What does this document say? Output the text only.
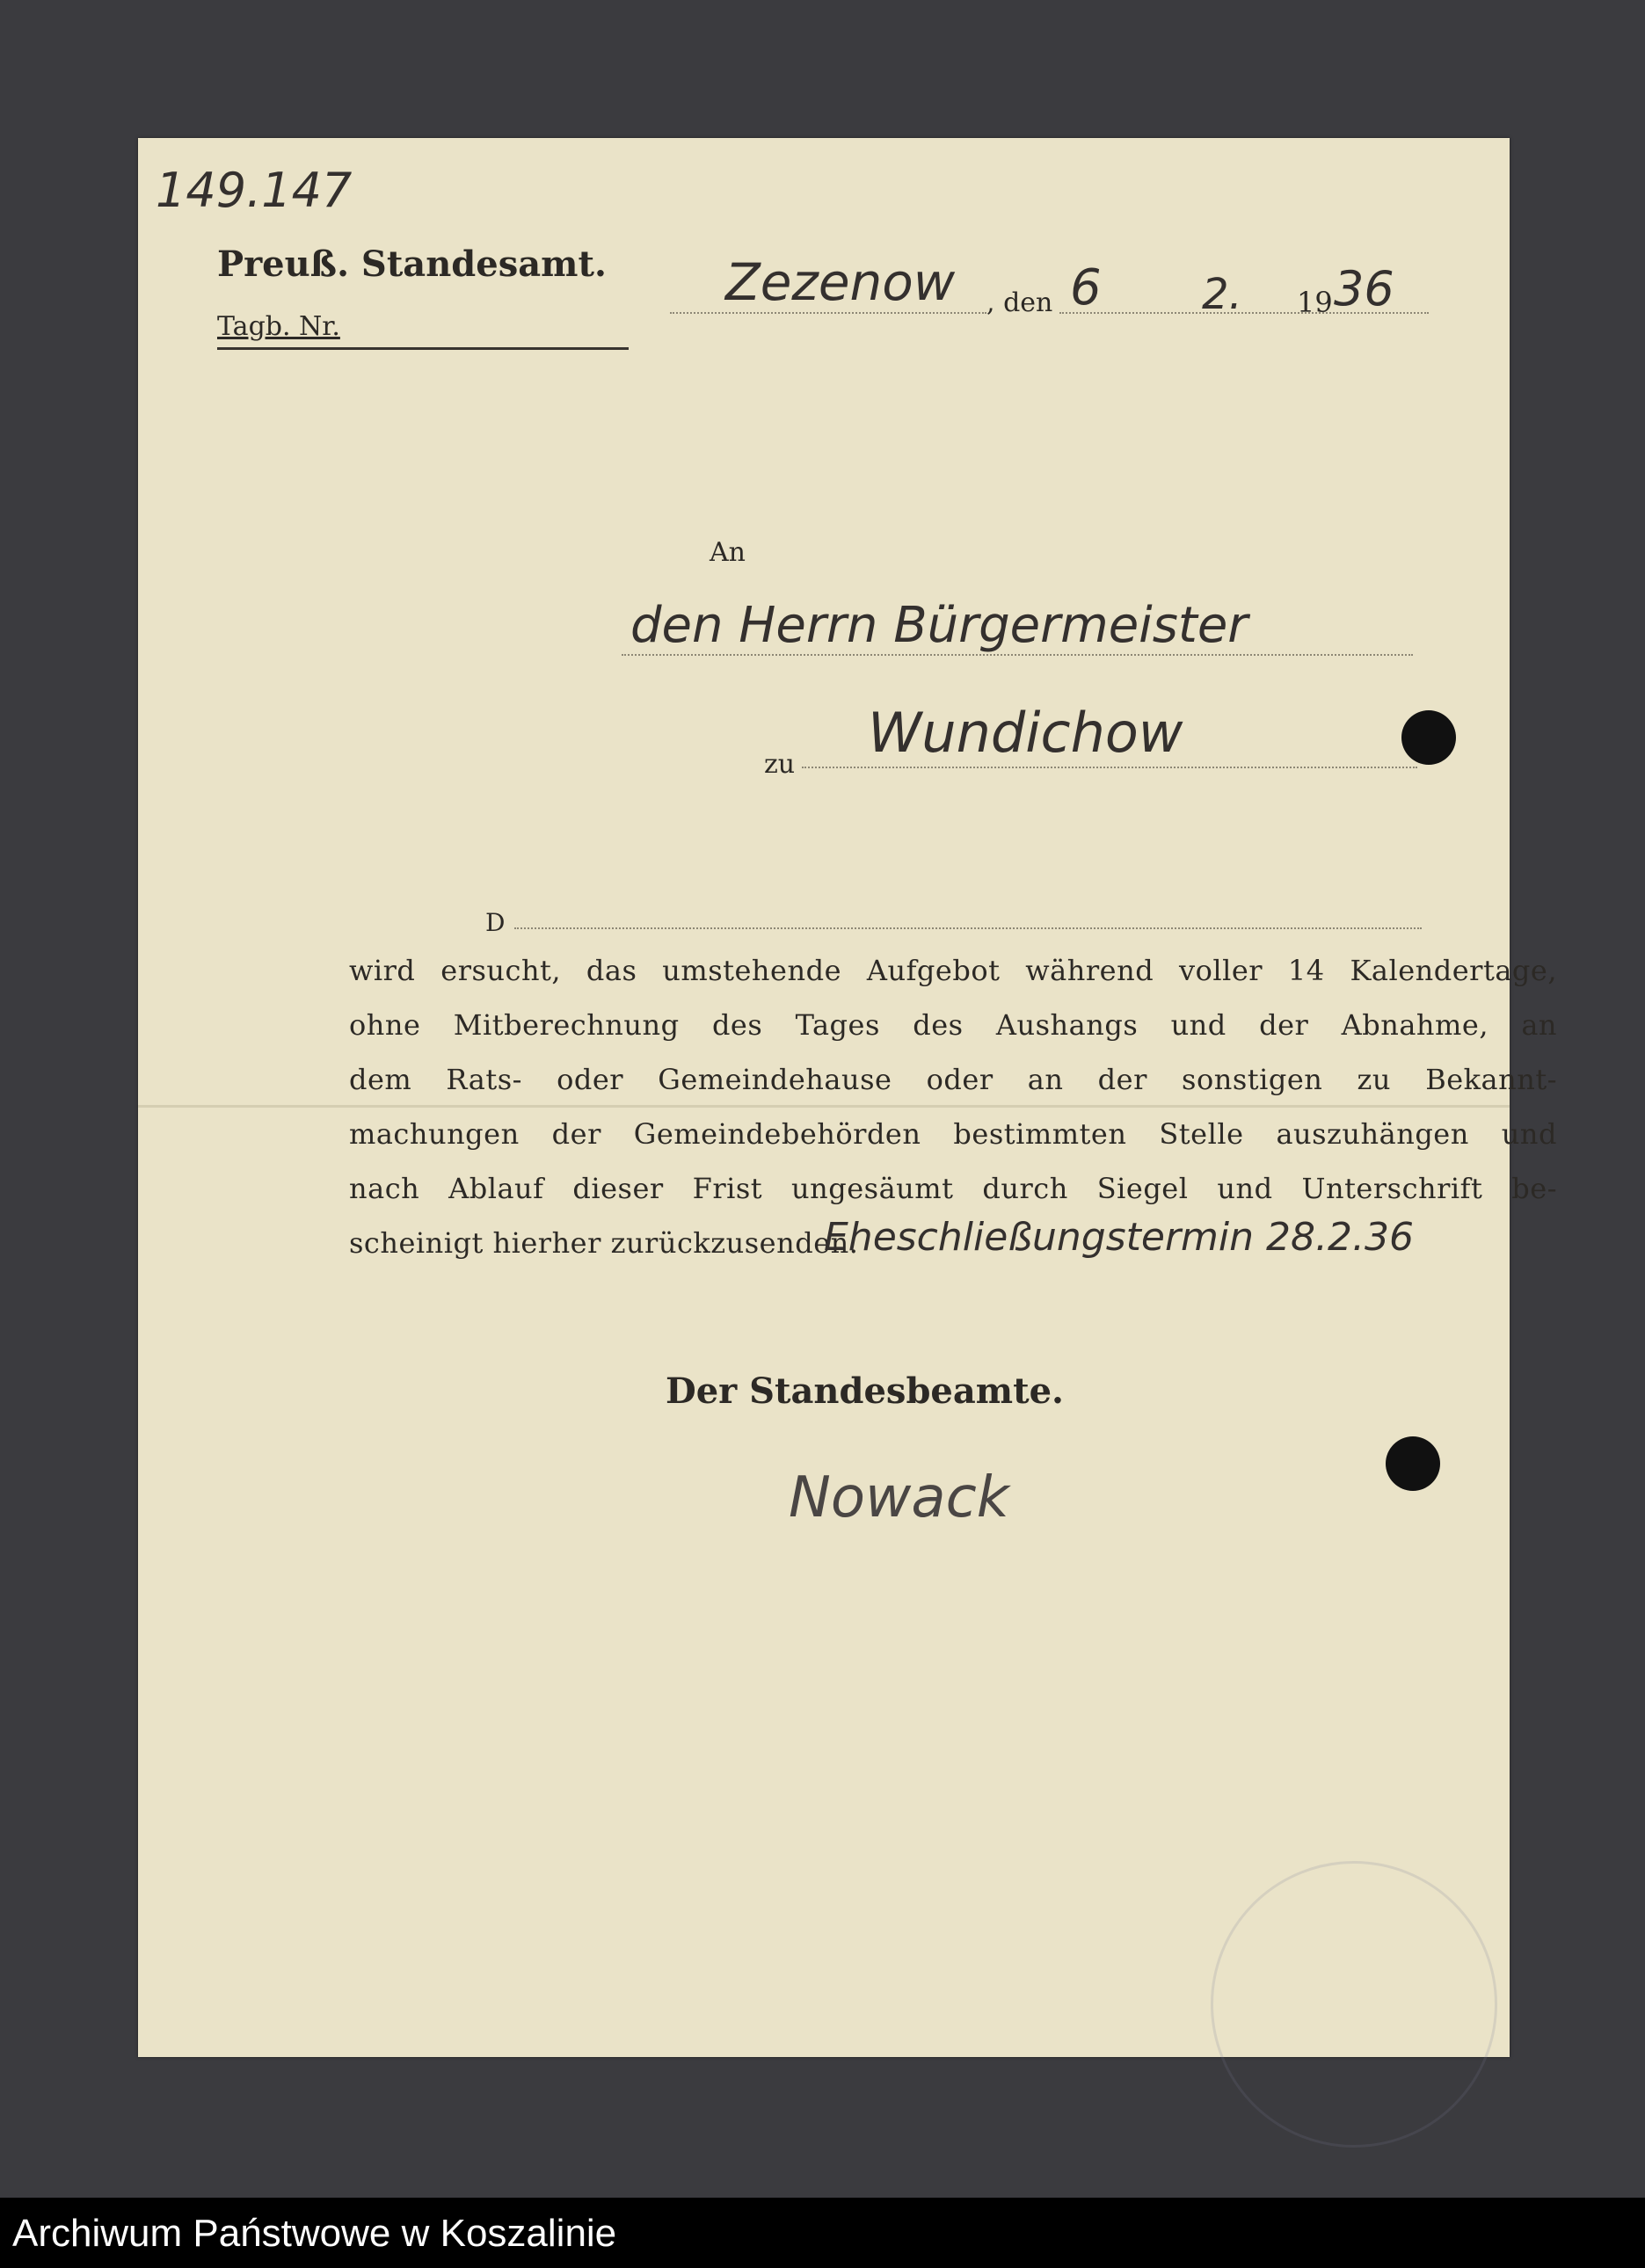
149.147
Preuß. Standesamt.
Tagb. Nr.
Zezenow , den 6 2. 19 36
An
den Herrn Bürgermeister
zu Wundichow
D
wird ersucht, das umstehende Aufgebot während voller 14 Kalendertage,
ohne Mitberechnung des Tages des Aushangs und der Abnahme, an
dem Rats- oder Gemeindehause oder an der sonstigen zu Bekannt-
machungen der Gemeindebehörden bestimmten Stelle auszuhängen und
nach Ablauf dieser Frist ungesäumt durch Siegel und Unterschrift be-
scheinigt hierher zurückzusenden.
Eheschließungstermin 28.2.36
Der Standesbeamte.
Nowack
Archiwum Państwowe w Koszalinie
